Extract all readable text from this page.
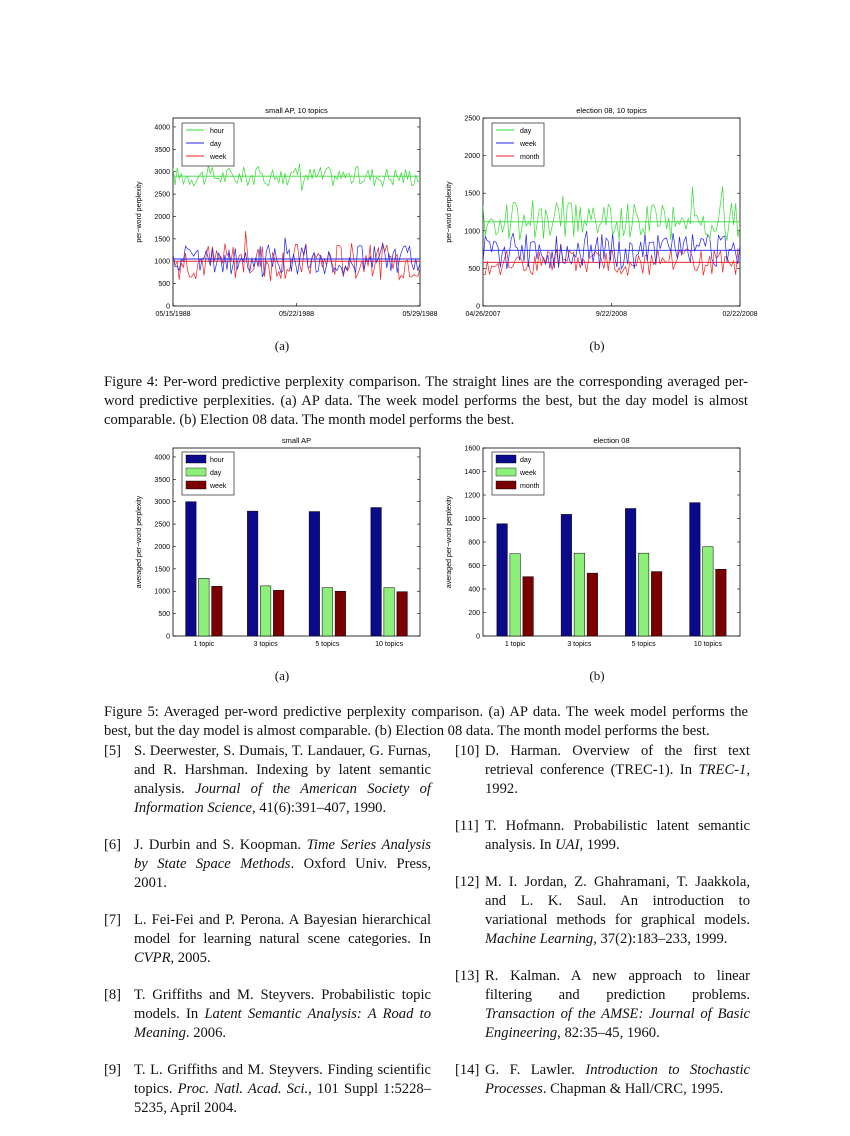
small AP, 10 topics
0
500
1000
1500
2000
2500
3000
3500
4000
per−word perplexity
05/15/1988	05/22/1988	05/29/1988
hour
day
week
election 08, 10 topics
0
500
1000
1500
2000
2500
per−word perplexity
04/26/2007	9/22/2008	02/22/2008
day
week
month
(a)	(b)
Figure 4: Per-word predictive perplexity comparison. The straight lines are the corresponding averaged per-word predictive perplexities. (a) AP data. The week model performs the best, but the day model is almost comparable. (b) Election 08 data. The month model performs the best.
small AP
0
500
1000
1500
2000
2500
3000
3500
4000
averaged per−word perplexity
1 topic	3 topics	5 topics	10 topics
hour
day
week
election 08
0
200
400
600
800
1000
1200
1400
1600
averaged per−word perplexity
1 topic	3 topics	5 topics	10 topics
day
week
month
(a)	(b)
Figure 5: Averaged per-word predictive perplexity comparison. (a) AP data. The week model performs the best, but the day model is almost comparable. (b) Election 08 data. The month model performs the best.
[5] S. Deerwester, S. Dumais, T. Landauer, G. Furnas, and R. Harshman. Indexing by latent semantic analysis. Journal of the American Society of Information Science, 41(6):391–407, 1990.
[6] J. Durbin and S. Koopman. Time Series Analysis by State Space Methods. Oxford Univ. Press, 2001.
[7] L. Fei-Fei and P. Perona. A Bayesian hierarchical model for learning natural scene categories. In CVPR, 2005.
[8] T. Griffiths and M. Steyvers. Probabilistic topic models. In Latent Semantic Analysis: A Road to Meaning. 2006.
[9] T. L. Griffiths and M. Steyvers. Finding scientific topics. Proc. Natl. Acad. Sci., 101 Suppl 1:5228–5235, April 2004.
[10] D. Harman. Overview of the first text retrieval conference (TREC-1). In TREC-1, 1992.
[11] T. Hofmann. Probabilistic latent semantic analysis. In UAI, 1999.
[12] M. I. Jordan, Z. Ghahramani, T. Jaakkola, and L. K. Saul. An introduction to variational methods for graphical models. Machine Learning, 37(2):183–233, 1999.
[13] R. Kalman. A new approach to linear filtering and prediction problems. Transaction of the AMSE: Journal of Basic Engineering, 82:35–45, 1960.
[14] G. F. Lawler. Introduction to Stochastic Processes. Chapman & Hall/CRC, 1995.
